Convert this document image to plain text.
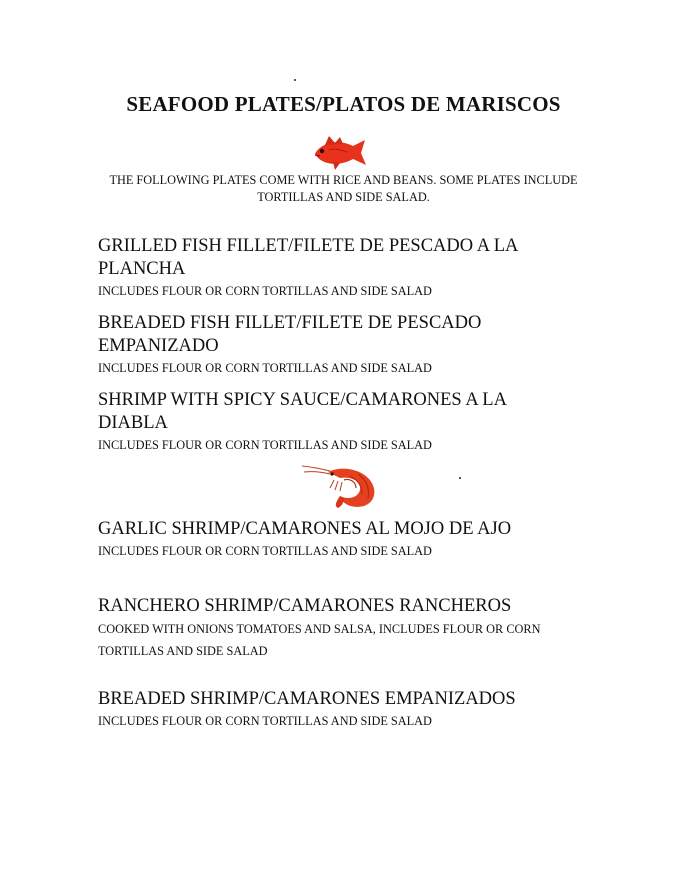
SEAFOOD PLATES/PLATOS DE MARISCOS
THE FOLLOWING PLATES COME WITH RICE AND BEANS. SOME PLATES INCLUDE TORTILLAS AND SIDE SALAD.
GRILLED FISH FILLET/FILETE DE PESCADO A LA PLANCHA
INCLUDES FLOUR OR CORN TORTILLAS AND SIDE SALAD
BREADED FISH FILLET/FILETE DE PESCADO EMPANIZADO
INCLUDES FLOUR OR CORN TORTILLAS AND SIDE SALAD
SHRIMP WITH SPICY SAUCE/CAMARONES A LA DIABLA
INCLUDES FLOUR OR CORN TORTILLAS AND SIDE SALAD
GARLIC SHRIMP/CAMARONES AL MOJO DE AJO
INCLUDES FLOUR OR CORN TORTILLAS AND SIDE SALAD
RANCHERO SHRIMP/CAMARONES RANCHEROS
COOKED WITH ONIONS TOMATOES AND SALSA, INCLUDES FLOUR OR CORN TORTILLAS AND SIDE SALAD
BREADED SHRIMP/CAMARONES EMPANIZADOS
INCLUDES FLOUR OR CORN TORTILLAS AND SIDE SALAD
